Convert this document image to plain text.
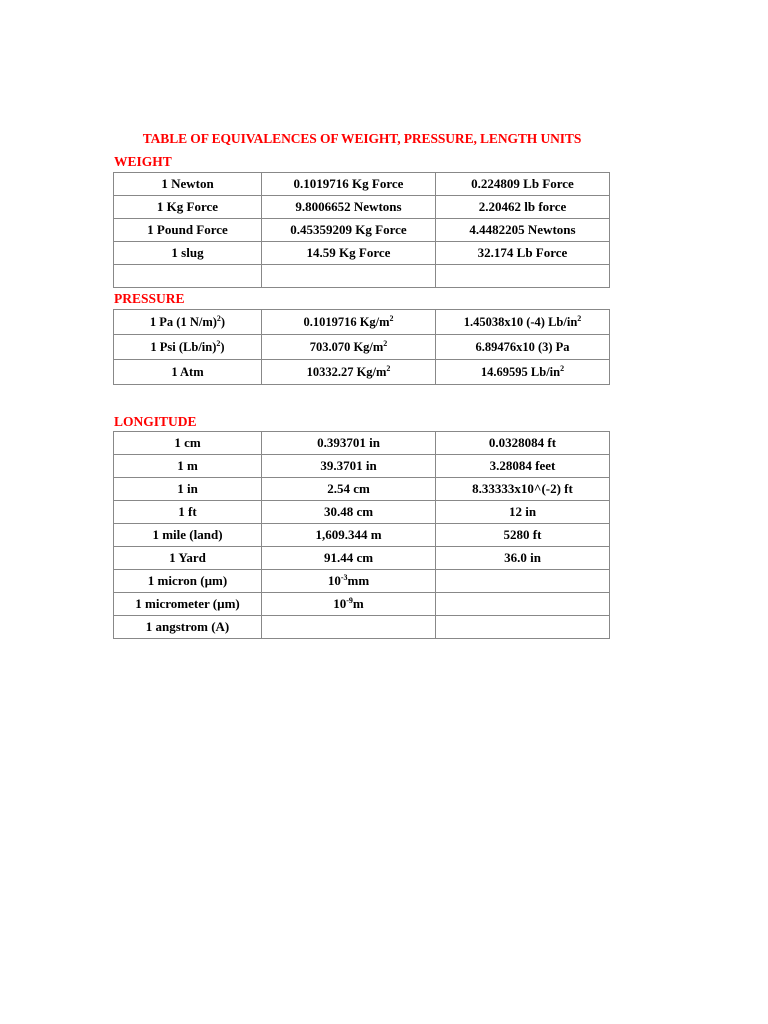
TABLE OF EQUIVALENCES OF WEIGHT, PRESSURE, LENGTH UNITS
WEIGHT
1 Newton	0.1019716 Kg Force	0.224809 Lb Force
1 Kg Force	9.8006652 Newtons	2.20462 lb force
1 Pound Force	0.45359209 Kg Force	4.4482205 Newtons
1 slug	14.59 Kg Force	32.174 Lb Force

PRESSURE
1 Pa (1 N/m)$^2$)	0.1019716 $Kg/m^2$	1.45038x10 (-4) $Lb/in^2$
1 Psi $(Lb/in)^2$)	703.070 $Kg/m^2$	6.89476x10 (3) Pa
1 Atm	10332.27 $Kg/m^2$	14.69595 $Lb/in^2$
LONGITUDE
1 cm	0.393701 in	0.0328084 ft
1 m	39.3701 in	3.28084 feet
1 in	2.54 cm	8.33333x10^(-2) ft
1 ft	30.48 cm	12 in
1 mile (land)	1,609.344 m	5280 ft
1 Yard	91.44 cm	36.0 in
1 micron (µm)	$10^{-3}mm$	
1 micrometer (µm)	$10^{-9}m$	
1 angstrom (A)		
